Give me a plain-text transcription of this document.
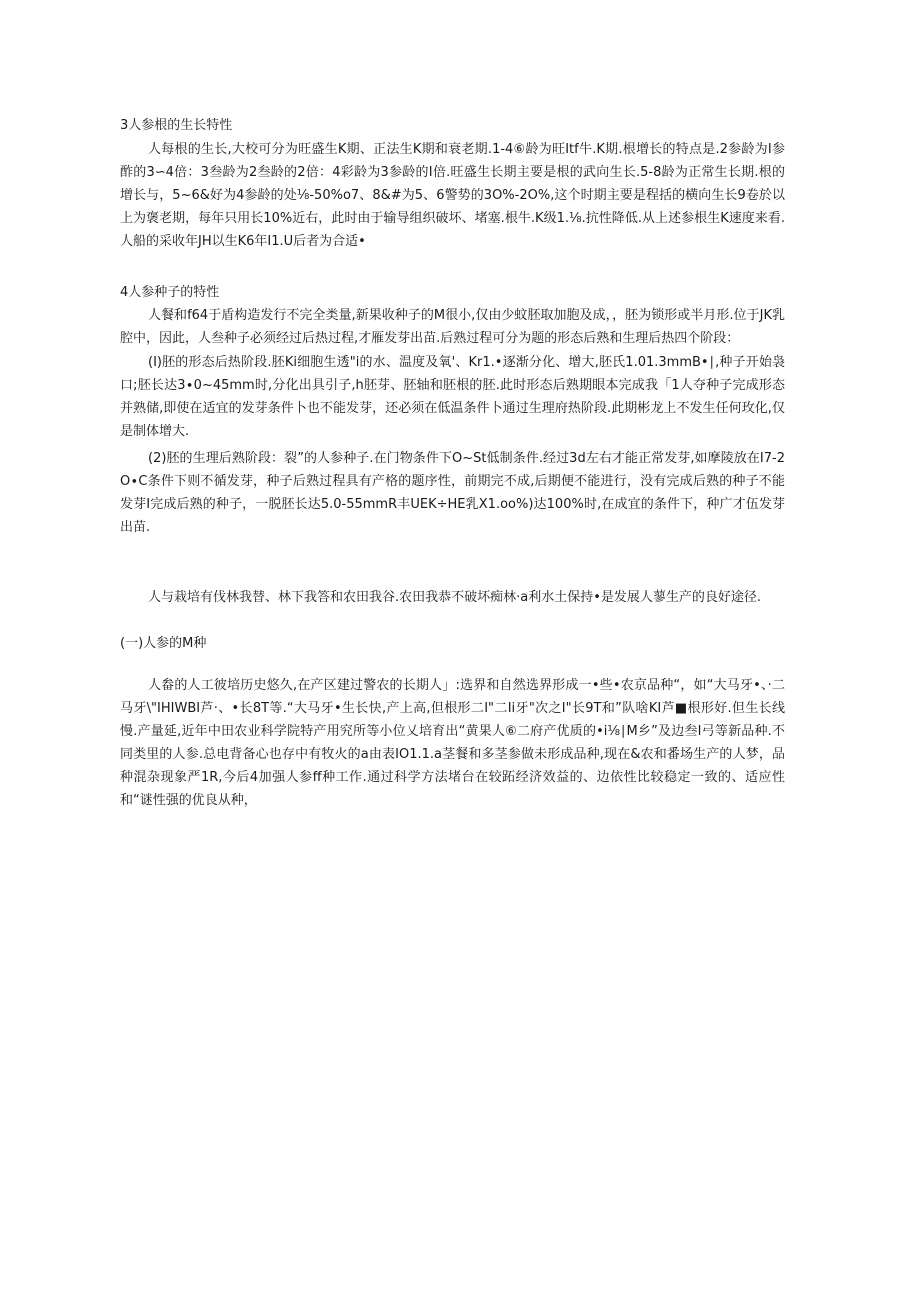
3人参根的生长特性
人每根的生长,大校可分为旺盛生K期、正法生K期和衰老期.1-4⑥龄为旺Itf牛.K期.根增长的特点是.2参龄为I参酢的3∽4倍：3叁龄为2叁龄的2倍：4彩龄为3参龄的I倍.旺盛生长期主要是根的武向生长.5-8龄为正常生长期.根的增长与，5~6&好为4参龄的处⅛-50%o7、8&#为5、6警势的3O%-2O%,这个时期主要是程括的横向生长9卷於以上为褒老期，每年只用长10%近右，此时由于输导组织破坏、堵塞.根牛.K级1.⅛.抗性降低.从上述参根生K速度来看.人船的采收年JH以生K6年I1.U后者为合适•
4人参种子的特性
人餐和f64于盾构造发行不完全类量,新果收种子的M很小,仅由少蚊胚取加胞及成，，胚为锁形或半月形.位于JK乳腔中，因此，人叁种子必须经过后热过程,才雁发芽出苗.后熟过程可分为题的形态后熟和生理后热四个阶段：
(I)胚的形态后热阶段.胚Ki细胞生透"i的水、温度及氧'、Kr1.•逐渐分化、增大,胚氏1.01.3mmB•∣,种子开始袅口;胚长达3∙0~45mm时,分化出具引子,h胚芽、胚轴和胚根的胚.此时形态后熟期眼本完成我「1人夺种子完成形态并熟储,即使在适宜的发芽条件卜也不能发芽，还必须在低温条件卜通过生理府热阶段.此期彬龙上不发生任何玫化,仅是制体增大.
(2)胚的生理后熟阶段：裂”的人参种子.在门物条件下O~St低制条件.经过3d左右才能正常发芽,如摩陵放在I7-2O∙C条件下则不循发芽，种子后熟过程具有产格的题序性，前期完不成,后期便不能进行，没有完成后熟的种子不能发芽I完成后熟的种子，一脱胚长达5.0-55mmR丰UEK÷HE乳X1.oo%)达100%时,在成宜的条件下，种广才伍发芽出苗.
人与栽培有伐林我替、林下我答和农田我谷.农田我恭不破坏痴林·a利水土保持•是发展人蓼生产的良好途径.
(一)人参的M种
人畚的人工彼培历史悠久,在产区建过警农的长期人」:选界和自然选界形成一•些•农京品种“，如“大马牙•、·二马牙\"IHIWBI芦·、•长8T等.“大马牙•生长快,产上高,但根形二I"二Ii牙"次之I"长9T和”队啥KI芦■根形好.但生长线慢.产量延,近年中田农业科学院特产用究所等小位乂培育出“黄果人⑥二府产优质的•i⅛∣M乡”及边叁I弓等新品种.不同类里的人参.总电背备心也存中有牧火的a由表IO1.1.a茎餐和多茎参做未形成品种,现在&农和番场生产的人梦，品种混杂现象严1R,今后4加强人参ff种工作.通过科学方法堵台在较跖经济效益的、边依性比较稳定一致的、适应性和“谜性强的优良从种，
